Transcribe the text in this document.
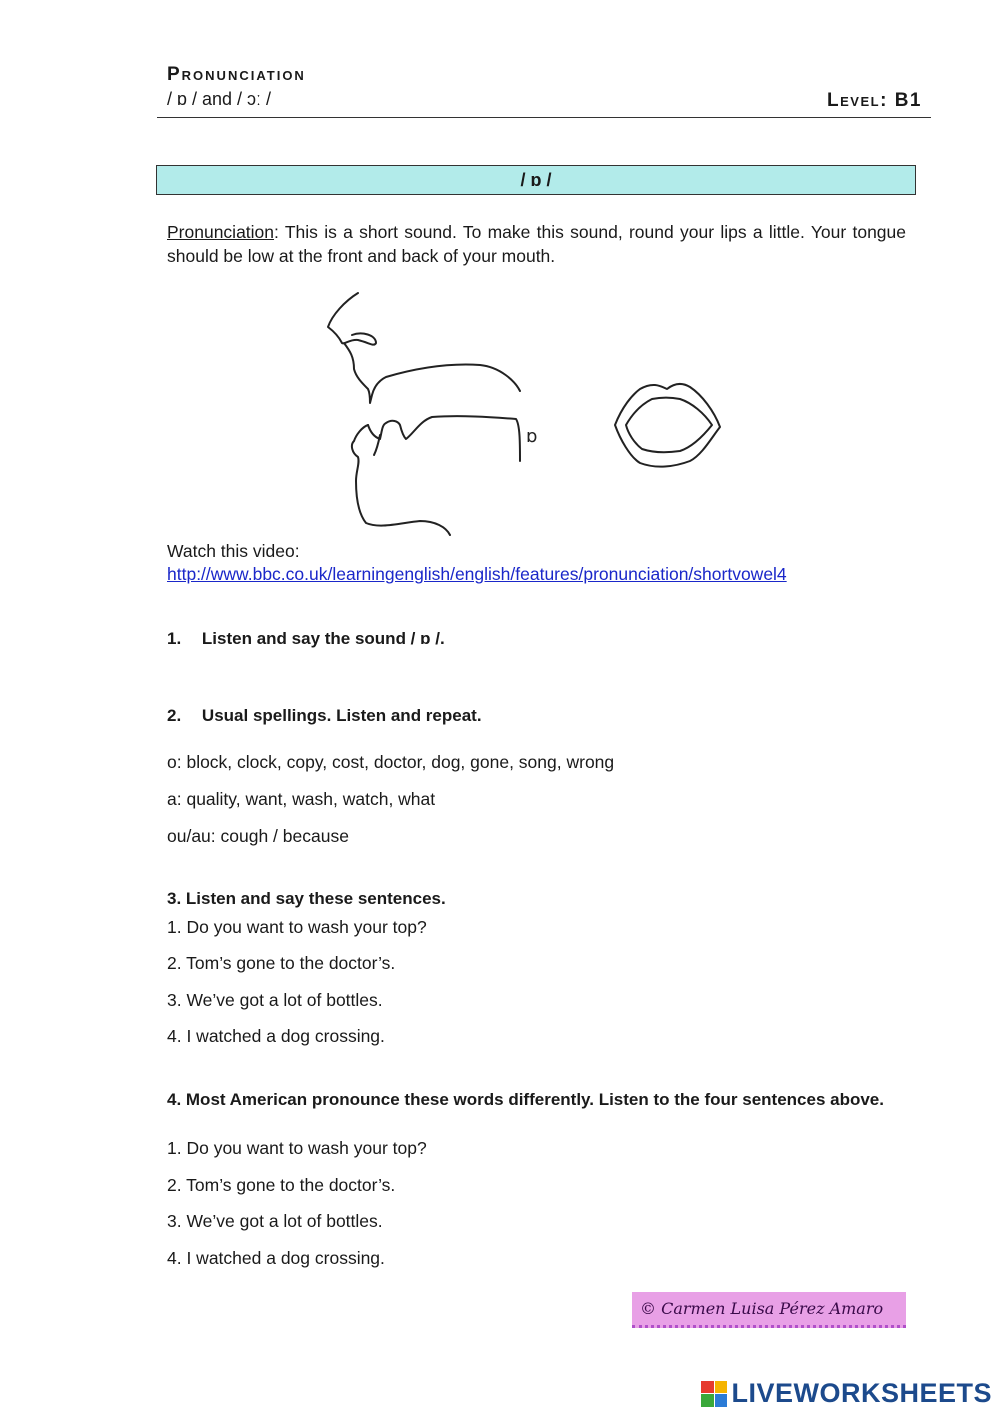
Pronunciation
/ ɒ / and / ɔː /	Level: B1
/ ɒ /
Pronunciation: This is a short sound. To make this sound, round your lips a little. Your tongue should be low at the front and back of your mouth.
ɒ
Watch this video:
http://www.bbc.co.uk/learningenglish/english/features/pronunciation/shortvowel4
1. Listen and say the sound / ɒ /.
2. Usual spellings. Listen and repeat.
o: block, clock, copy, cost, doctor, dog, gone, song, wrong
a: quality, want, wash, watch, what
ou/au: cough / because
3. Listen and say these sentences.
1. Do you want to wash your top?
2. Tom’s gone to the doctor’s.
3. We’ve got a lot of bottles.
4. I watched a dog crossing.
4. Most American pronounce these words differently. Listen to the four sentences above.
1. Do you want to wash your top?
2. Tom’s gone to the doctor’s.
3. We’ve got a lot of bottles.
4. I watched a dog crossing.
© Carmen Luisa Pérez Amaro
LIVEWORKSHEETS
